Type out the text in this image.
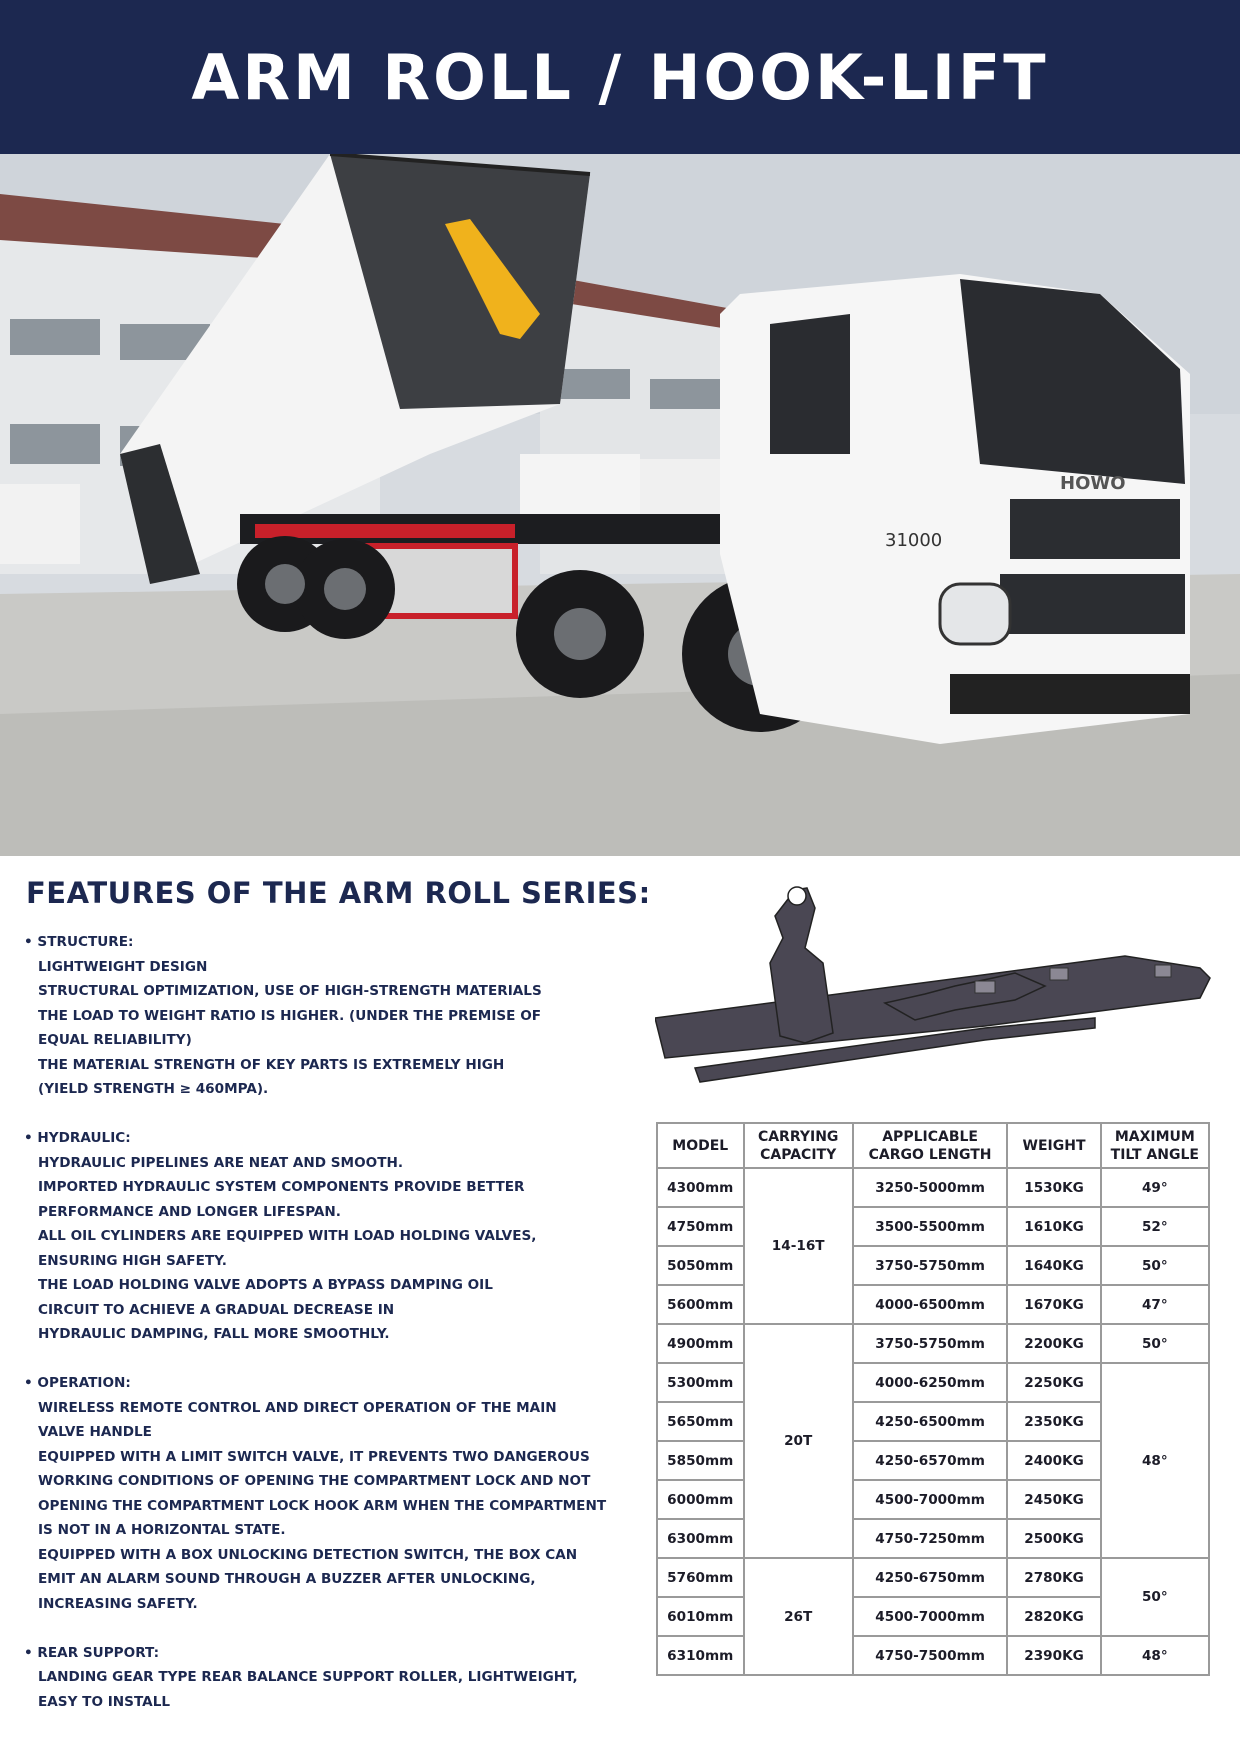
ARM ROLL / HOOK-LIFT
31000
HOWO
FEATURES OF THE ARM ROLL SERIES:
• STRUCTURE:
LIGHTWEIGHT DESIGN
STRUCTURAL OPTIMIZATION, USE OF HIGH-STRENGTH MATERIALS
THE LOAD TO WEIGHT RATIO IS HIGHER. (UNDER THE PREMISE OF
EQUAL RELIABILITY)
THE MATERIAL STRENGTH OF KEY PARTS IS EXTREMELY HIGH
(YIELD STRENGTH ≥ 460MPA).
• HYDRAULIC:
HYDRAULIC PIPELINES ARE NEAT AND SMOOTH.
IMPORTED HYDRAULIC SYSTEM COMPONENTS PROVIDE BETTER
PERFORMANCE AND LONGER LIFESPAN.
ALL OIL CYLINDERS ARE EQUIPPED WITH LOAD HOLDING VALVES,
ENSURING HIGH SAFETY.
THE LOAD HOLDING VALVE ADOPTS A BYPASS DAMPING OIL
CIRCUIT TO ACHIEVE A GRADUAL DECREASE IN
HYDRAULIC DAMPING, FALL MORE SMOOTHLY.
• OPERATION:
WIRELESS REMOTE CONTROL AND DIRECT OPERATION OF THE MAIN
VALVE HANDLE
EQUIPPED WITH A LIMIT SWITCH VALVE, IT PREVENTS TWO DANGEROUS
WORKING CONDITIONS OF OPENING THE COMPARTMENT LOCK AND NOT
OPENING THE COMPARTMENT LOCK HOOK ARM WHEN THE COMPARTMENT
IS NOT IN A HORIZONTAL STATE.
EQUIPPED WITH A BOX UNLOCKING DETECTION SWITCH, THE BOX CAN
EMIT AN ALARM SOUND THROUGH A BUZZER AFTER UNLOCKING,
INCREASING SAFETY.
• REAR SUPPORT:
LANDING GEAR TYPE REAR BALANCE SUPPORT ROLLER, LIGHTWEIGHT,
EASY TO INSTALL
MODEL	CARRYING CAPACITY	APPLICABLE CARGO LENGTH	WEIGHT	MAXIMUM TILT ANGLE
4300mm	14-16T	3250-5000mm	1530KG	49°
4750mm		3500-5500mm	1610KG	52°
5050mm		3750-5750mm	1640KG	50°
5600mm		4000-6500mm	1670KG	47°
4900mm	20T	3750-5750mm	2200KG	50°
5300mm		4000-6250mm	2250KG	48°
5650mm		4250-6500mm	2350KG	
5850mm		4250-6570mm	2400KG	
6000mm		4500-7000mm	2450KG	
6300mm		4750-7250mm	2500KG	
5760mm	26T	4250-6750mm	2780KG	50°
6010mm		4500-7000mm	2820KG	
6310mm		4750-7500mm	2390KG	48°
